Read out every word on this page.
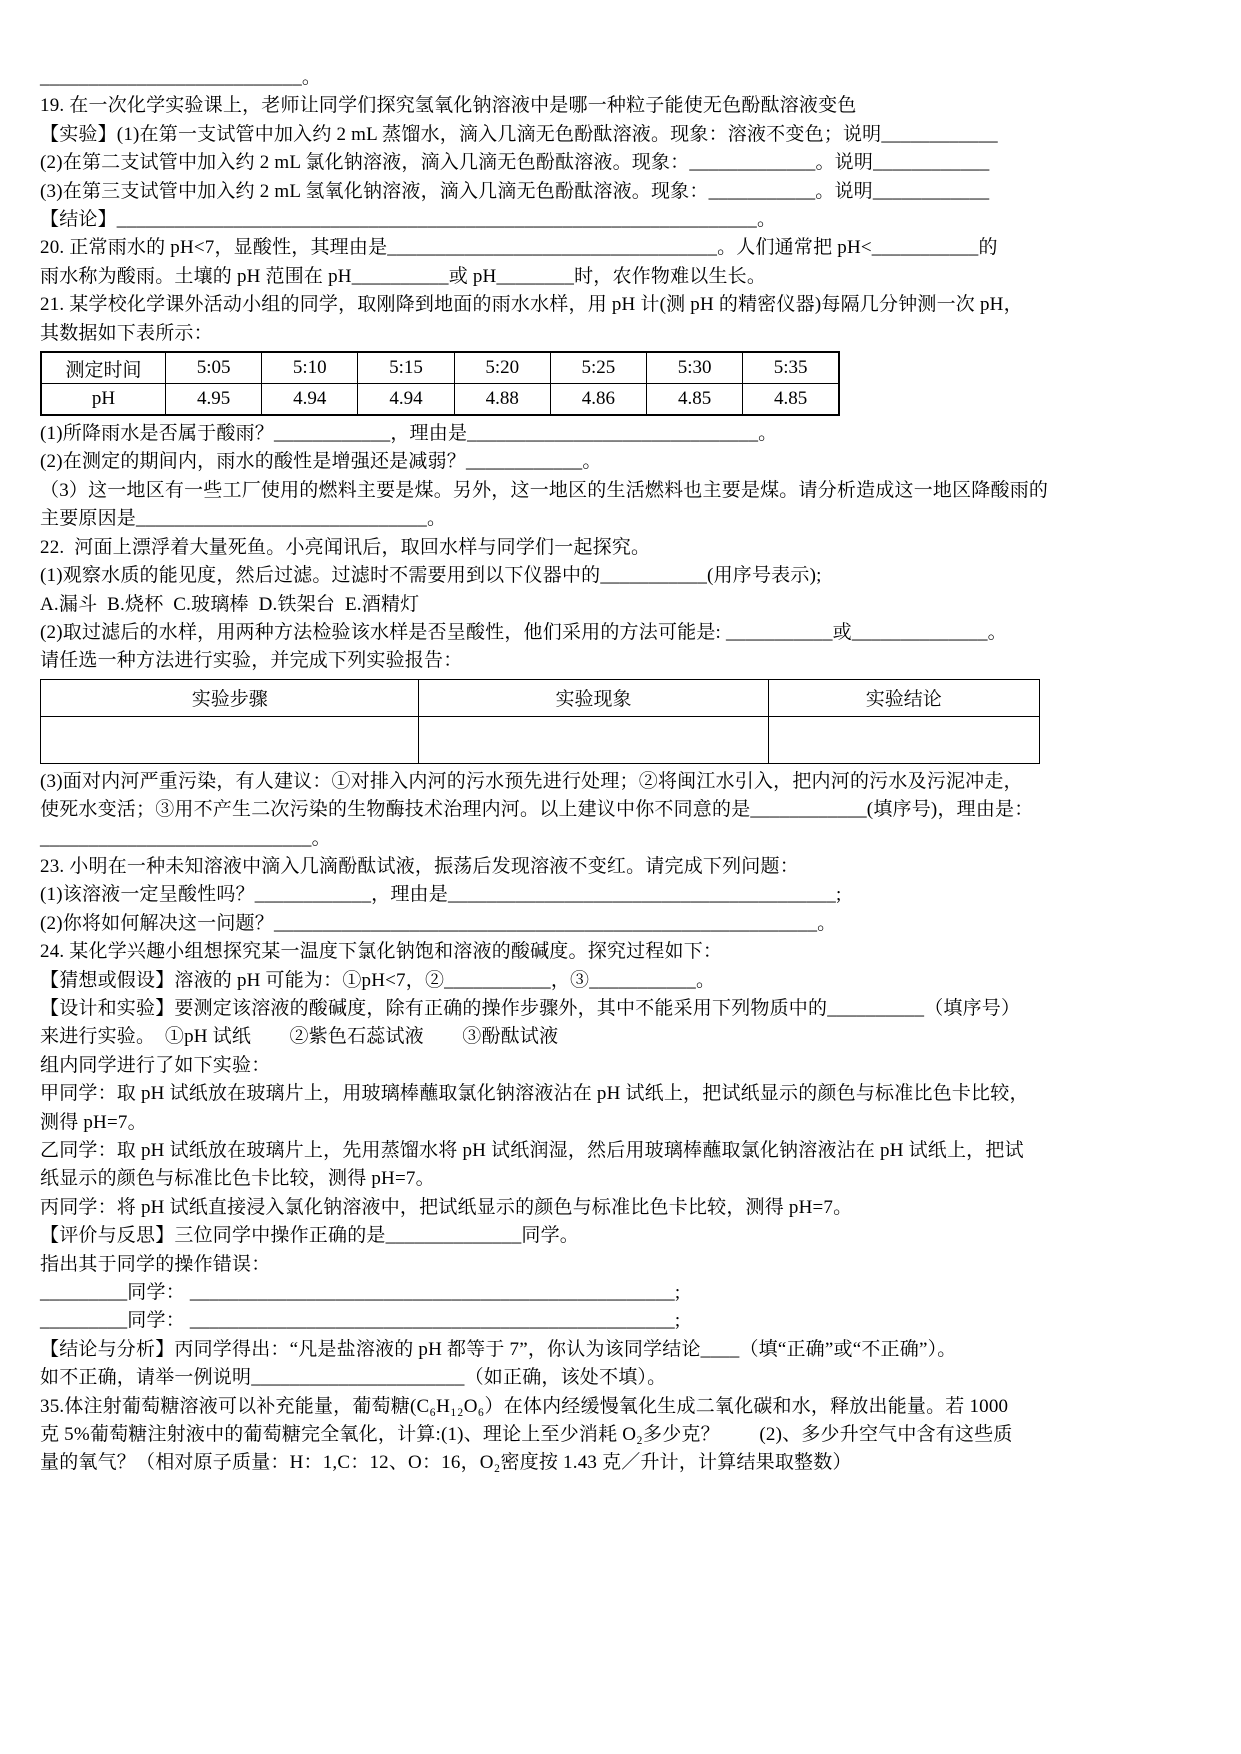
___________________________。

19. 在一次化学实验课上，老师让同学们探究氢氧化钠溶液中是哪一种粒子能使无色酚酞溶液变色

【实验】(1)在第一支试管中加入约 2 mL 蒸馏水，滴入几滴无色酚酞溶液。现象：溶液不变色；说明____________

(2)在第二支试管中加入约 2 mL 氯化钠溶液，滴入几滴无色酚酞溶液。现象：_____________。说明____________

(3)在第三支试管中加入约 2 mL 氢氧化钠溶液，滴入几滴无色酚酞溶液。现象：___________。说明____________

【结论】__________________________________________________________________。

20. 正常雨水的 pH<7，显酸性，其理由是__________________________________。人们通常把 pH<___________的

雨水称为酸雨。土壤的 pH 范围在 pH__________或 pH________时，农作物难以生长。

21. 某学校化学课外活动小组的同学，取刚降到地面的雨水水样，用 pH 计(测 pH 的精密仪器)每隔几分钟测一次 pH，

其数据如下表所示：

测定时间	5:05	5:10	5:15	5:20	5:25	5:30	5:35
pH	4.95	4.94	4.94	4.88	4.86	4.85	4.85

(1)所降雨水是否属于酸雨？____________，理由是______________________________。

(2)在测定的期间内，雨水的酸性是增强还是减弱？____________。

（3）这一地区有一些工厂使用的燃料主要是煤。另外，这一地区的生活燃料也主要是煤。请分析造成这一地区降酸雨的

主要原因是______________________________。

22.  河面上漂浮着大量死鱼。小亮闻讯后，取回水样与同学们一起探究。

(1)观察水质的能见度，然后过滤。过滤时不需要用到以下仪器中的___________(用序号表示);

A.漏斗  B.烧杯  C.玻璃棒  D.铁架台  E.酒精灯

(2)取过滤后的水样，用两种方法检验该水样是否呈酸性，他们采用的方法可能是: ___________或______________。

请任选一种方法进行实验，并完成下列实验报告：

实验步骤	实验现象	实验结论

(3)面对内河严重污染，有人建议：①对排入内河的污水预先进行处理；②将闽江水引入，把内河的污水及污泥冲走，

使死水变活；③用不产生二次污染的生物酶技术治理内河。以上建议中你不同意的是____________(填序号)，理由是：

____________________________。

23. 小明在一种未知溶液中滴入几滴酚酞试液，振荡后发现溶液不变红。请完成下列问题：

(1)该溶液一定呈酸性吗？____________，理由是________________________________________;

(2)你将如何解决这一问题？________________________________________________________。

24. 某化学兴趣小组想探究某一温度下氯化钠饱和溶液的酸碱度。探究过程如下：

【猜想或假设】溶液的 pH 可能为：①pH<7，②___________，③___________。

【设计和实验】要测定该溶液的酸碱度，除有正确的操作步骤外，其中不能采用下列物质中的__________（填序号）

来进行实验。　①pH 试纸　　②紫色石蕊试液　　③酚酞试液

组内同学进行了如下实验：

甲同学：取 pH 试纸放在玻璃片上，用玻璃棒蘸取氯化钠溶液沾在 pH 试纸上，把试纸显示的颜色与标准比色卡比较，

测得 pH=7。

乙同学：取 pH 试纸放在玻璃片上，先用蒸馏水将 pH 试纸润湿，然后用玻璃棒蘸取氯化钠溶液沾在 pH 试纸上，把试

纸显示的颜色与标准比色卡比较，测得 pH=7。

丙同学：将 pH 试纸直接浸入氯化钠溶液中，把试纸显示的颜色与标准比色卡比较，测得 pH=7。

【评价与反思】三位同学中操作正确的是______________同学。

指出其于同学的操作错误：

_________同学： __________________________________________________;

_________同学： __________________________________________________;

【结论与分析】丙同学得出：“凡是盐溶液的 pH 都等于 7”，你认为该同学结论____（填“正确”或“不正确”）。

如不正确，请举一例说明______________________（如正确，该处不填）。

35.体注射葡萄糖溶液可以补充能量，葡萄糖(C₆H₁₂O₆）在体内经缓慢氧化生成二氧化碳和水，释放出能量。若 1000

克 5%葡萄糖注射液中的葡萄糖完全氧化，计算:(1)、理论上至少消耗 O₂多少克？        (2)、多少升空气中含有这些质

量的氧气？（相对原子质量：H：1,C：12、O：16，O₂密度按 1.43 克／升计，计算结果取整数）
